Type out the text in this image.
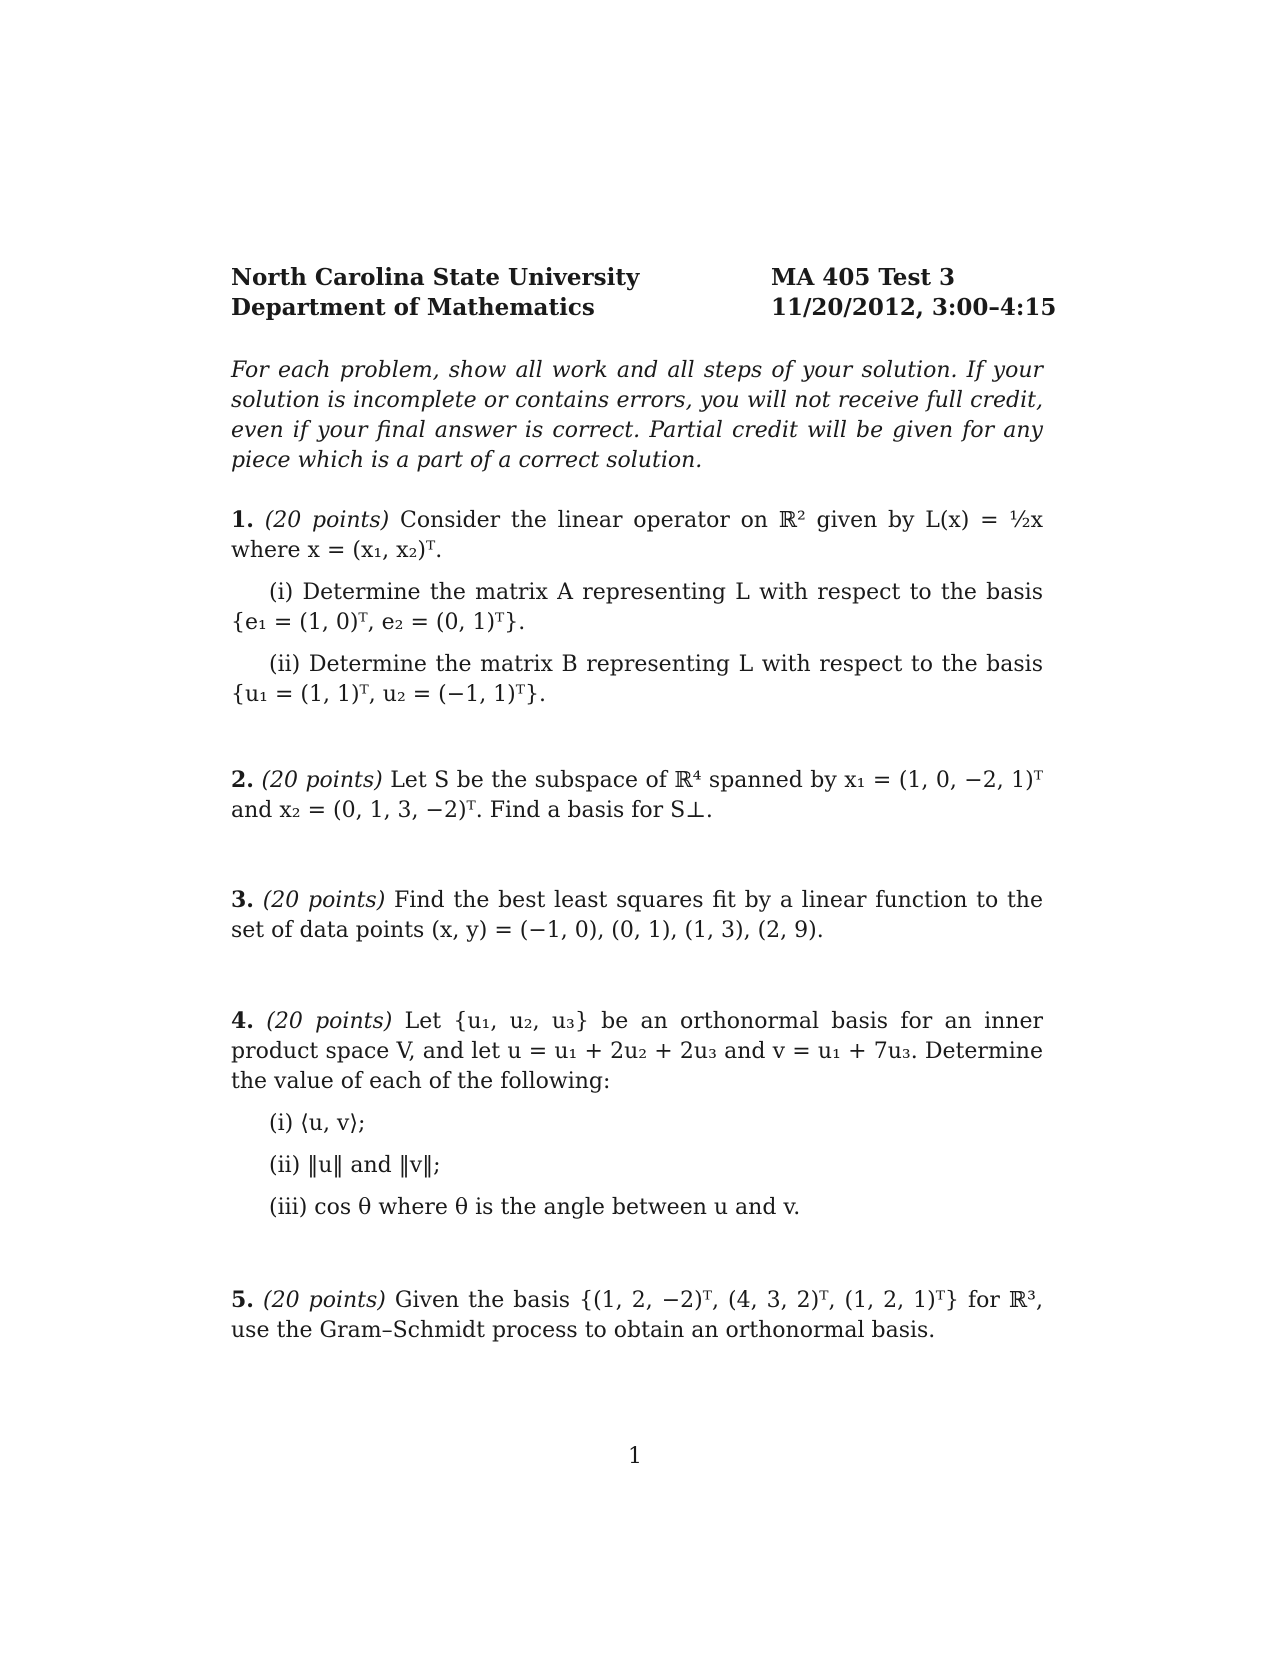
North Carolina State University
Department of Mathematics
MA 405 Test 3
11/20/2012, 3:00–4:15
For each problem, show all work and all steps of your solution. If your solution is incomplete or contains errors, you will not receive full credit, even if your final answer is correct. Partial credit will be given for any piece which is a part of a correct solution.
1. (20 points) Consider the linear operator on ℝ² given by L(x) = ½x where x = (x₁, x₂)ᵀ.
(i) Determine the matrix A representing L with respect to the basis {e₁ = (1, 0)ᵀ, e₂ = (0, 1)ᵀ}.
(ii) Determine the matrix B representing L with respect to the basis {u₁ = (1, 1)ᵀ, u₂ = (−1, 1)ᵀ}.
2. (20 points) Let S be the subspace of ℝ⁴ spanned by x₁ = (1, 0, −2, 1)ᵀ and x₂ = (0, 1, 3, −2)ᵀ. Find a basis for S⊥.
3. (20 points) Find the best least squares fit by a linear function to the set of data points (x, y) = (−1, 0), (0, 1), (1, 3), (2, 9).
4. (20 points) Let {u₁, u₂, u₃} be an orthonormal basis for an inner product space V, and let u = u₁ + 2u₂ + 2u₃ and v = u₁ + 7u₃. Determine the value of each of the following:
(i) ⟨u, v⟩;
(ii) ‖u‖ and ‖v‖;
(iii) cos θ where θ is the angle between u and v.
5. (20 points) Given the basis {(1, 2, −2)ᵀ, (4, 3, 2)ᵀ, (1, 2, 1)ᵀ} for ℝ³, use the Gram–Schmidt process to obtain an orthonormal basis.
1
